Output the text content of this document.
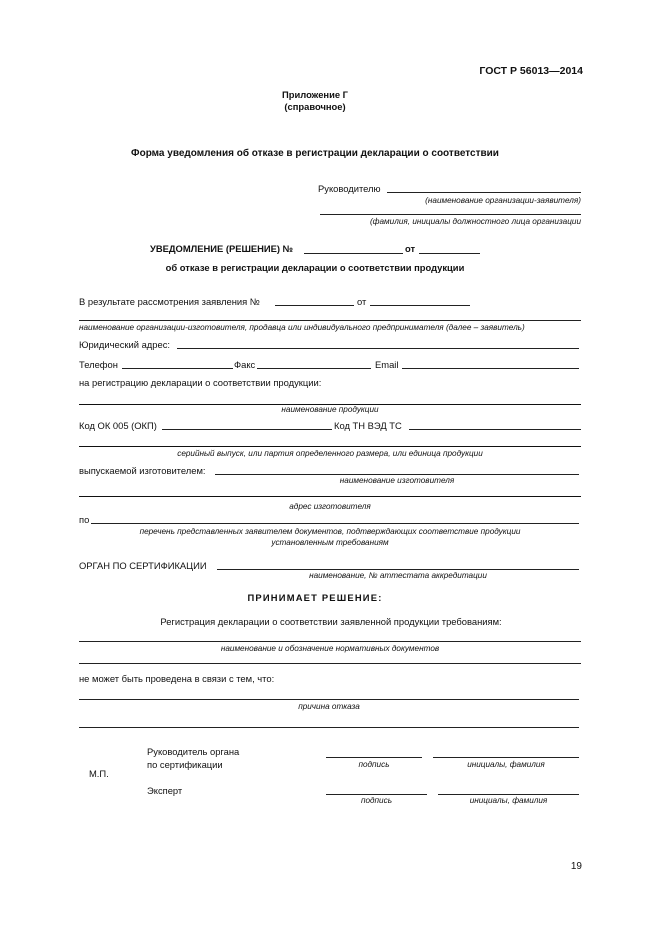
ГОСТ Р 56013—2014
Приложение Г
(справочное)
Форма уведомления об отказе в регистрации декларации о соответствии
Руководителю
(наименование организации-заявителя)
(фамилия, инициалы должностного лица организации
УВЕДОМЛЕНИЕ (РЕШЕНИЕ) №	от
об отказе в регистрации декларации о соответствии продукции
В результате рассмотрения заявления №	от
наименование организации-изготовителя, продавца или индивидуального предпринимателя (далее – заявитель)
Юридический адрес:
Телефон	Факс	Email
на регистрацию декларации о соответствии продукции:
наименование продукции
Код ОК 005 (ОКП)	Код ТН ВЭД ТС
серийный выпуск, или партия определенного размера, или единица продукции
выпускаемой изготовителем:
наименование изготовителя
адрес изготовителя
по
перечень представленных заявителем документов, подтверждающих соответствие продукции
установленным требованиям
ОРГАН ПО СЕРТИФИКАЦИИ
наименование, № аттестата аккредитации
ПРИНИМАЕТ РЕШЕНИЕ:
Регистрация декларации о соответствии заявленной продукции требованиям:
наименование и обозначение нормативных документов
не может быть проведена в связи с тем, что:
причина отказа
Руководитель органа
по сертификации
М.П.
подпись	инициалы, фамилия
Эксперт
подпись	инициалы, фамилия
19
